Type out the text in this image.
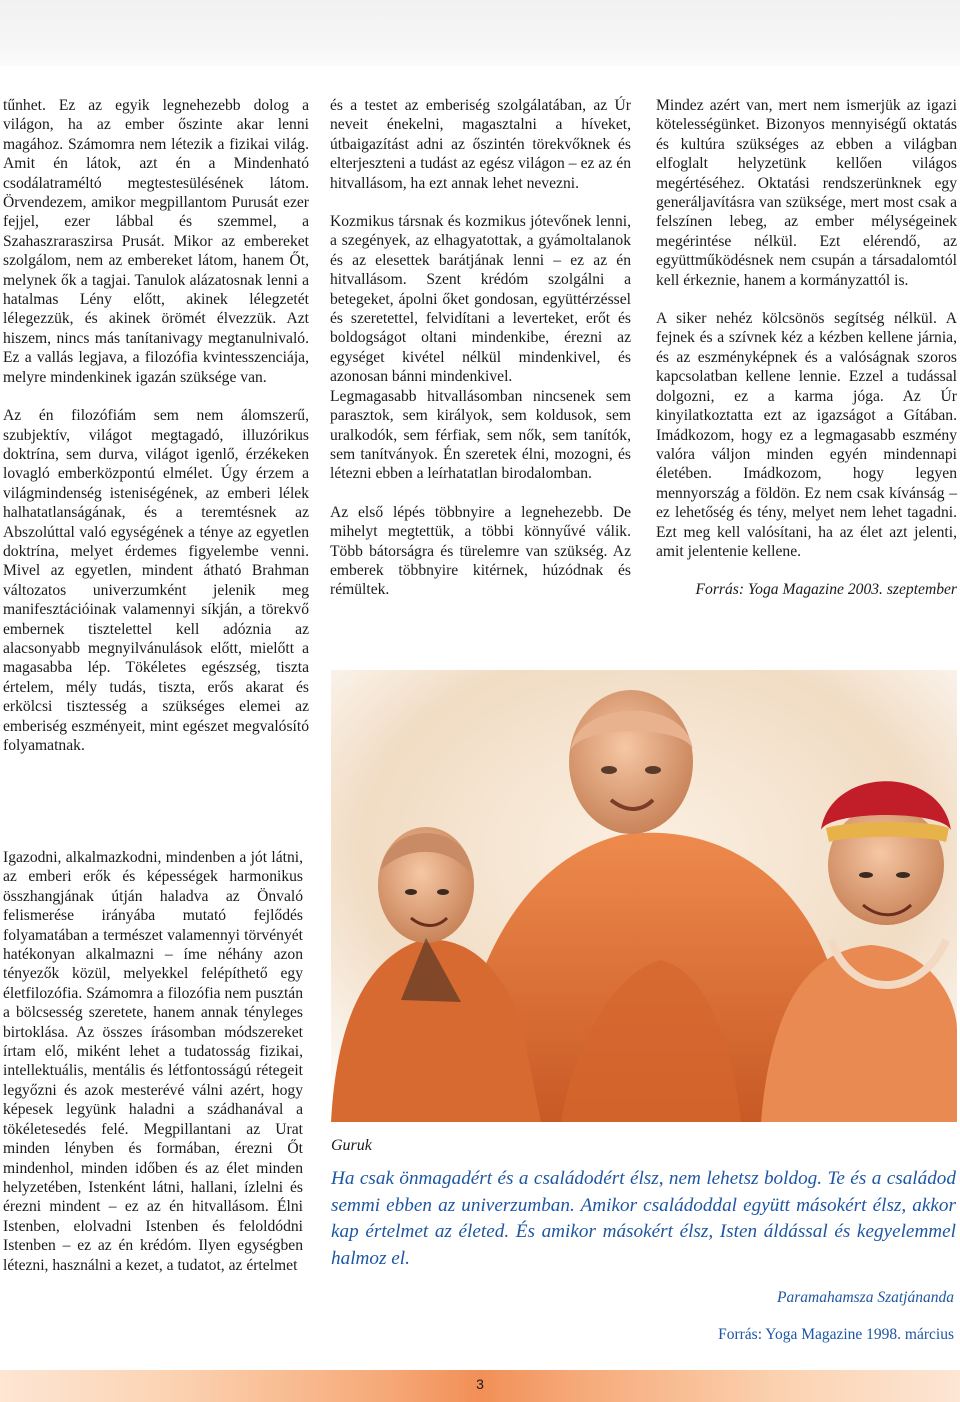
tűnhet. Ez az egyik legnehezebb dolog a világon, ha az ember őszinte akar lenni magához. Számomra nem létezik a fizikai világ. Amit én látok, azt én a Mindenható csodálatraméltó megtestesülésének látom. Örvendezem, amikor megpillantom Purusát ezer fejjel, ezer lábbal és szemmel, a Szahaszraraszirsa Prusát. Mikor az embereket szolgálom, nem az embereket látom, hanem Őt, melynek ők a tagjai. Tanulok alázatosnak lenni a hatalmas Lény előtt, akinek lélegzetét lélegezzük, és akinek örömét élvezzük. Azt hiszem, nincs más tanítanivagy megtanulnivaló. Ez a vallás legjava, a filozófia kvintesszenciája, melyre mindenkinek igazán szüksége van.

Az én filozófiám sem nem álomszerű, szubjektív, világot megtagadó, illuzórikus doktrína, sem durva, világot igenlő, érzékeken lovagló emberközpontú elmélet. Úgy érzem a világmindenség isteniségének, az emberi lélek halhatatlanságának, és a teremtésnek az Abszolúttal való egységének a ténye az egyetlen doktrína, melyet érdemes figyelembe venni. Mivel az egyetlen, mindent átható Brahman változatos univerzumként jelenik meg manifesztációinak valamennyi síkján, a törekvő embernek tisztelettel kell adóznia az alacsonyabb megnyilvánulások előtt, mielőtt a magasabba lép. Tökéletes egészség, tiszta értelem, mély tudás, tiszta, erős akarat és erkölcsi tisztesség a szükséges elemei az emberiség eszményeit, mint egészet megvalósító folyamatnak.

Igazodni, alkalmazkodni, mindenben a jót látni, az emberi erők és képességek harmonikus összhangjának útján haladva az Önvaló felismerése irányába mutató fejlődés folyamatában a természet valamennyi törvényét hatékonyan alkalmazni – íme néhány azon tényezők közül, melyekkel felépíthető egy életfilozófia. Számomra a filozófia nem pusztán a bölcsesség szeretete, hanem annak tényleges birtoklása. Az összes írásomban módszereket írtam elő, miként lehet a tudatosság fizikai, intellektuális, mentális és létfontosságú rétegeit legyőzni és azok mesterévé válni azért, hogy képesek legyünk haladni a szádhanával a tökéletesedés felé. Megpillantani az Urat minden lényben és formában, érezni Őt mindenhol, minden időben és az élet minden helyzetében, Istenként látni, hallani, ízlelni és érezni mindent – ez az én hitvallásom. Élni Istenben, elolvadni Istenben és feloldódni Istenben – ez az én krédóm. Ilyen egységben létezni, használni a kezet, a tudatot, az értelmet

és a testet az emberiség szolgálatában, az Úr neveit énekelni, magasztalni a híveket, útbaigazítást adni az őszintén törekvőknek és elterjeszteni a tudást az egész világon – ez az én hitvallásom, ha ezt annak lehet nevezni.

Kozmikus társnak és kozmikus jótevőnek lenni, a szegények, az elhagyatottak, a gyámoltalanok és az elesettek barátjának lenni – ez az én hitvallásom. Szent krédóm szolgálni a betegeket, ápolni őket gondosan, együttérzéssel és szeretettel, felvidítani a leverteket, erőt és boldogságot oltani mindenkibe, érezni az egységet kivétel nélkül mindenkivel, és azonosan bánni mindenkivel.

Legmagasabb hitvallásomban nincsenek sem parasztok, sem királyok, sem koldusok, sem uralkodók, sem férfiak, sem nők, sem tanítók, sem tanítványok. Én szeretek élni, mozogni, és létezni ebben a leírhatatlan birodalomban.

Az első lépés többnyire a legnehezebb. De mihelyt megtettük, a többi könnyűvé válik. Több bátorságra és türelemre van szükség. Az emberek többnyire kitérnek, húzódnak és rémültek.

Mindez azért van, mert nem ismerjük az igazi kötelességünket. Bizonyos mennyiségű oktatás és kultúra szükséges az ebben a világban elfoglalt helyzetünk kellően világos megértéséhez. Oktatási rendszerünknek egy generáljavításra van szüksége, mert most csak a felszínen lebeg, az ember mélységeinek megérintése nélkül. Ezt elérendő, az együttműködésnek nem csupán a társadalomtól kell érkeznie, hanem a kormányzattól is.

A siker nehéz kölcsönös segítség nélkül. A fejnek és a szívnek kéz a kézben kellene járnia, és az eszményképnek és a valóságnak szoros kapcsolatban kellene lennie. Ezzel a tudással dolgozni, ez a karma jóga. Az Úr kinyilatkoztatta ezt az igazságot a Gítában. Imádkozom, hogy ez a legmagasabb eszmény valóra váljon minden egyén mindennapi életében. Imádkozom, hogy legyen mennyország a földön. Ez nem csak kívánság – ez lehetőség és tény, melyet nem lehet tagadni. Ezt meg kell valósítani, ha az élet azt jelenti, amit jelentenie kellene.

Forrás: Yoga Magazine 2003. szeptember
Guruk
Ha csak önmagadért és a családodért élsz, nem lehetsz boldog. Te és a családod semmi ebben az univerzumban. Amikor családoddal együtt másokért élsz, akkor kap értelmet az életed. És amikor másokért élsz, Isten áldással és kegyelemmel halmoz el.
Paramahamsza Szatjánanda
Forrás: Yoga Magazine 1998. március
3
